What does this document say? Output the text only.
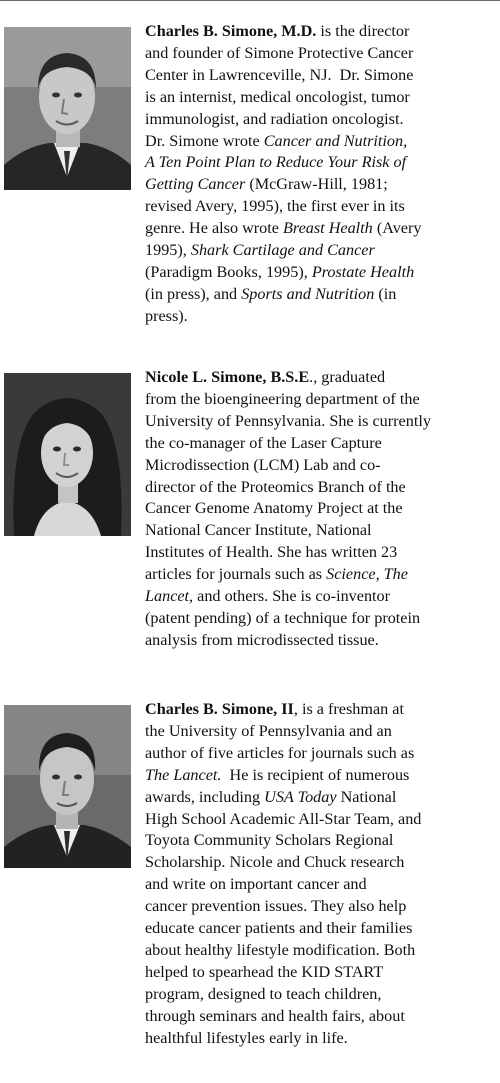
Charles B. Simone, M.D. is the director
and founder of Simone Protective Cancer
Center in Lawrenceville, NJ.  Dr. Simone
is an internist, medical oncologist, tumor
immunologist, and radiation oncologist.
Dr. Simone wrote Cancer and Nutrition,
A Ten Point Plan to Reduce Your Risk of
Getting Cancer (McGraw-Hill, 1981;
revised Avery, 1995), the first ever in its
genre. He also wrote Breast Health (Avery
1995), Shark Cartilage and Cancer
(Paradigm Books, 1995), Prostate Health
(in press), and Sports and Nutrition (in
press).

Nicole L. Simone, B.S.E., graduated
from the bioengineering department of the
University of Pennsylvania. She is currently
the co-manager of the Laser Capture
Microdissection (LCM) Lab and co-
director of the Proteomics Branch of the
Cancer Genome Anatomy Project at the
National Cancer Institute, National
Institutes of Health. She has written 23
articles for journals such as Science, The
Lancet, and others. She is co-inventor
(patent pending) of a technique for protein
analysis from microdissected tissue.

Charles B. Simone, II, is a freshman at
the University of Pennsylvania and an
author of five articles for journals such as
The Lancet.  He is recipient of numerous
awards, including USA Today National
High School Academic All-Star Team, and
Toyota Community Scholars Regional
Scholarship. Nicole and Chuck research
and write on important cancer and
cancer prevention issues. They also help
educate cancer patients and their families
about healthy lifestyle modification. Both
helped to spearhead the KID START
program, designed to teach children,
through seminars and health fairs, about
healthful lifestyles early in life.
